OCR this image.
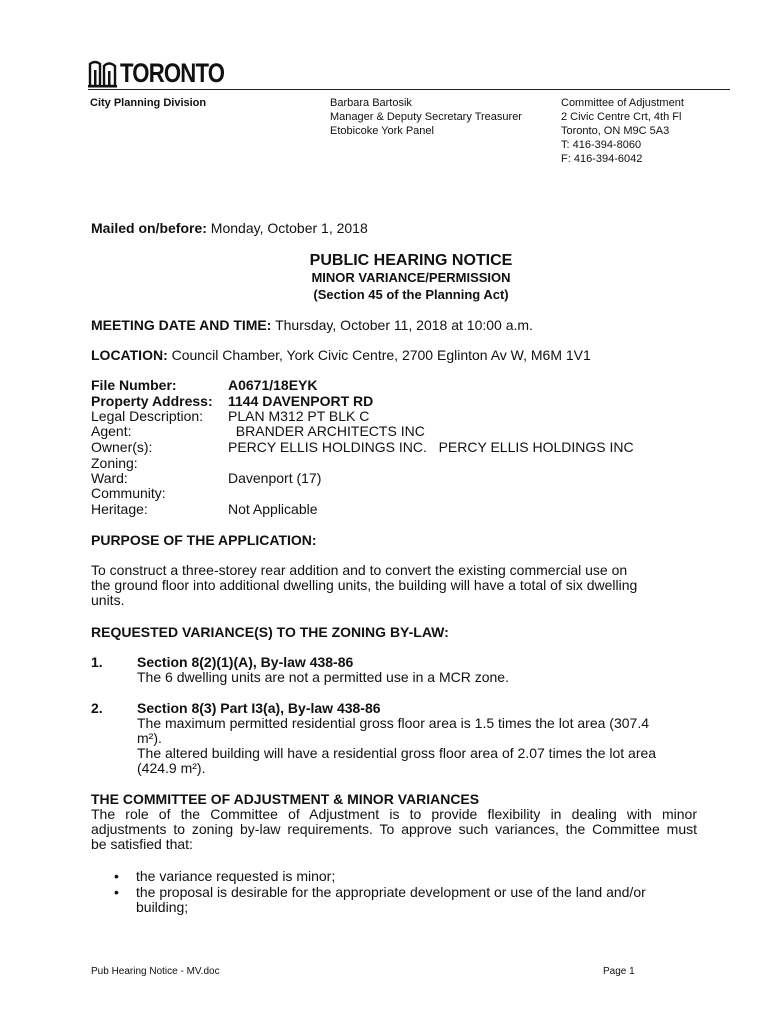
TORONTO
City Planning Division	Barbara Bartosik
Manager & Deputy Secretary Treasurer
Etobicoke York Panel
Committee of Adjustment
2 Civic Centre Crt, 4th Fl
Toronto, ON M9C 5A3
T: 416-394-8060
F: 416-394-6042
Mailed on/before: Monday, October 1, 2018
PUBLIC HEARING NOTICE
MINOR VARIANCE/PERMISSION
(Section 45 of the Planning Act)
MEETING DATE AND TIME: Thursday, October 11, 2018 at 10:00 a.m.
LOCATION: Council Chamber, York Civic Centre, 2700 Eglinton Av W, M6M 1V1
File Number:	A0671/18EYK
Property Address: 1144 DAVENPORT RD
Legal Description: PLAN M312 PT BLK C
Agent:	BRANDER ARCHITECTS INC
Owner(s):	PERCY ELLIS HOLDINGS INC.   PERCY ELLIS HOLDINGS INC
Zoning:
Ward:	Davenport (17)
Community:
Heritage:	Not Applicable
PURPOSE OF THE APPLICATION:
To construct a three-storey rear addition and to convert the existing commercial use on
the ground floor into additional dwelling units, the building will have a total of six dwelling
units.
REQUESTED VARIANCE(S) TO THE ZONING BY-LAW:
1. Section 8(2)(1)(A), By-law 438-86
The 6 dwelling units are not a permitted use in a MCR zone.
2. Section 8(3) Part I3(a), By-law 438-86
The maximum permitted residential gross floor area is 1.5 times the lot area (307.4
m²).
The altered building will have a residential gross floor area of 2.07 times the lot area
(424.9 m²).
THE COMMITTEE OF ADJUSTMENT & MINOR VARIANCES
The role of the Committee of Adjustment is to provide flexibility in dealing with minor
adjustments to zoning by-law requirements. To approve such variances, the Committee must
be satisfied that:
• the variance requested is minor;
• the proposal is desirable for the appropriate development or use of the land and/or
building;
Pub Hearing Notice - MV.doc	Page 1
